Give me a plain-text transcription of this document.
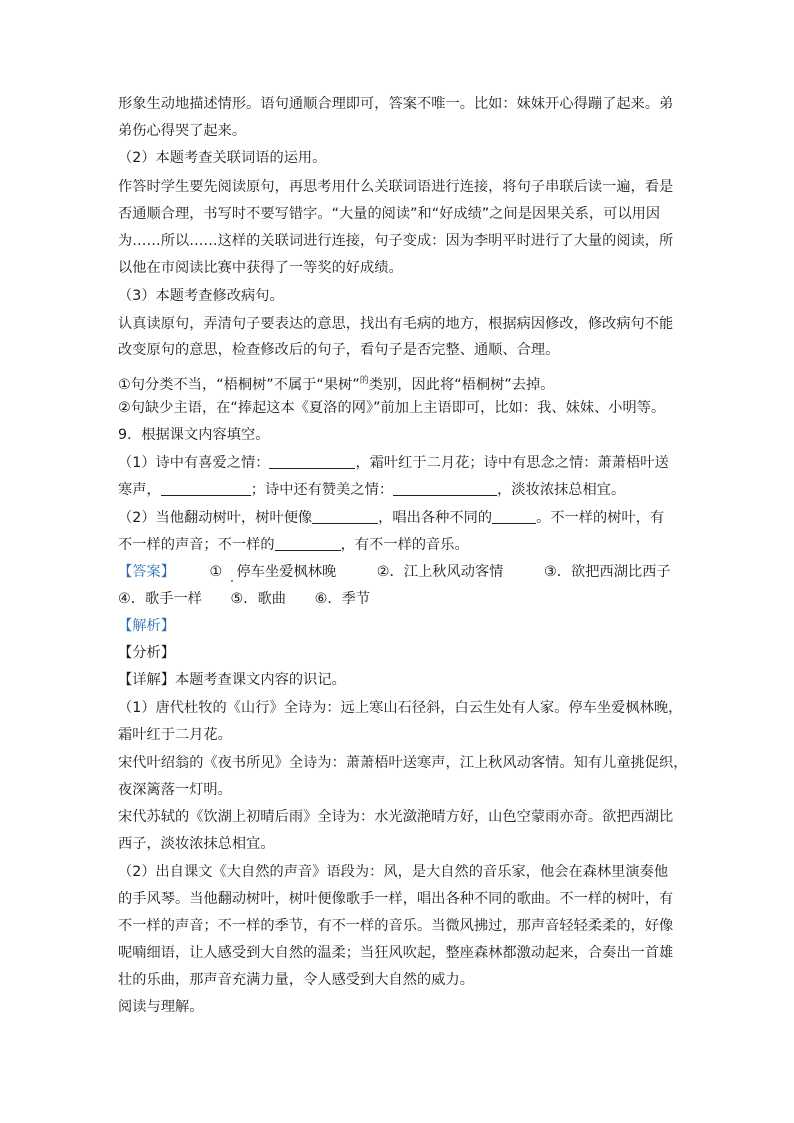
形象生动地描述情形。语句通顺合理即可，答案不唯一。比如：妹妹开心得蹦了起来。弟
弟伤心得哭了起来。
（2）本题考查关联词语的运用。
作答时学生要先阅读原句，再思考用什么关联词语进行连接，将句子串联后读一遍，看是
否通顺合理，书写时不要写错字。“大量的阅读”和“好成绩”之间是因果关系，可以用因
为……所以……这样的关联词进行连接，句子变成：因为李明平时进行了大量的阅读，所
以他在市阅读比赛中获得了一等奖的好成绩。
（3）本题考查修改病句。
认真读原句，弄清句子要表达的意思，找出有毛病的地方，根据病因修改，修改病句不能
改变原句的意思，检查修改后的句子，看句子是否完整、通顺、合理。
①句分类不当，“梧桐树”不属于“果树”$^的$类别，因此将“梧桐树”去掉。
②句缺少主语，在“捧起这本《夏洛的网》”前加上主语即可，比如：我、妹妹、小明等。
9．根据课文内容填空。
（1）诗中有喜爱之情：	，霜叶红于二月花；诗中有思念之情：萧萧梧叶送
寒声，	；诗中还有赞美之情：	，淡妆浓抹总相宜。
（2）当他翻动树叶，树叶便像	，唱出各种不同的	。不一样的树叶，有
不一样的声音；不一样的	，有不一样的音乐。
【答案】 ①　停车坐爱枫林晚	②．江上秋风动客情	③．欲把西湖比西子
④．歌手一样 ⑤．歌曲 ⑥．季节
【解析】
【分析】
【详解】本题考查课文内容的识记。
（1）唐代杜牧的《山行》全诗为：远上寒山石径斜，白云生处有人家。停车坐爱枫林晚，
霜叶红于二月花。
宋代叶绍翁的《夜书所见》全诗为：萧萧梧叶送寒声，江上秋风动客情。知有儿童挑促织，
夜深篱落一灯明。
宋代苏轼的《饮湖上初晴后雨》全诗为：水光潋滟晴方好，山色空蒙雨亦奇。欲把西湖比
西子，淡妆浓抹总相宜。
（2）出自课文《大自然的声音》语段为：风，是大自然的音乐家，他会在森林里演奏他
的手风琴。当他翻动树叶，树叶便像歌手一样，唱出各种不同的歌曲。不一样的树叶，有
不一样的声音；不一样的季节，有不一样的音乐。当微风拂过，那声音轻轻柔柔的，好像
呢喃细语，让人感受到大自然的温柔；当狂风吹起，整座森林都激动起来，合奏出一首雄
壮的乐曲，那声音充满力量，令人感受到大自然的威力。
阅读与理解。
